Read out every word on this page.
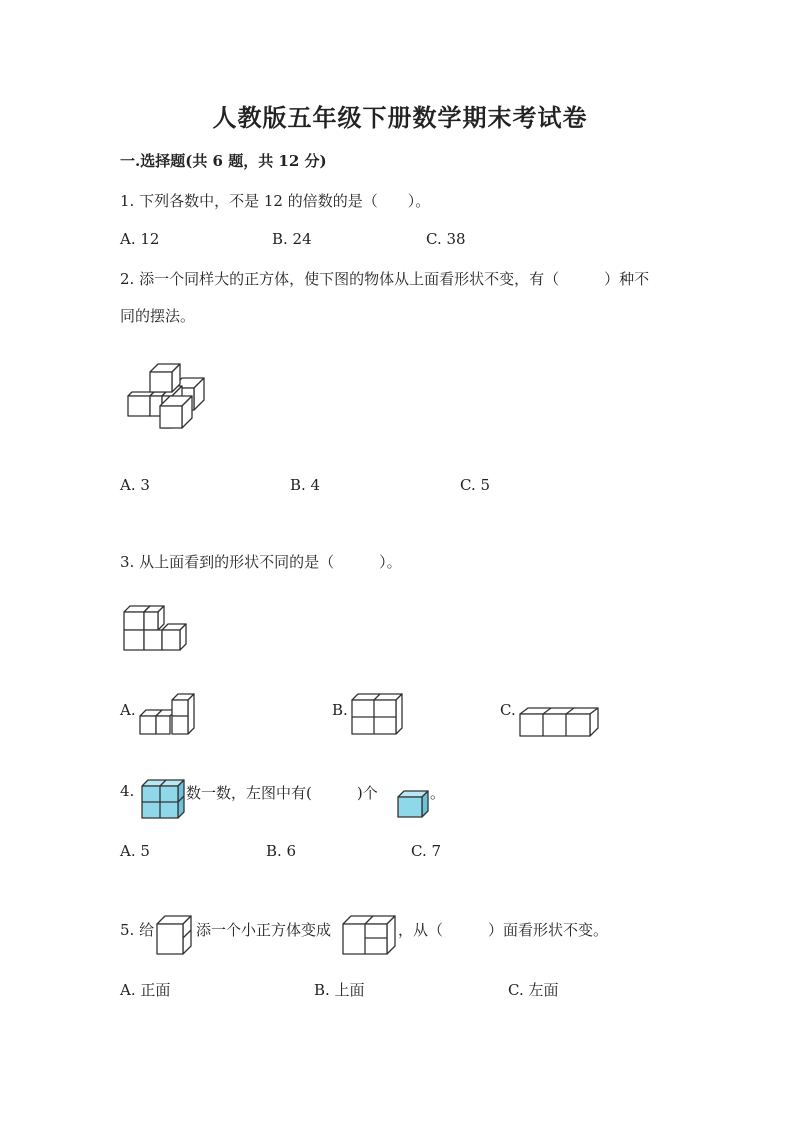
人教版五年级下册数学期末考试卷
一.选择题(共 6 题，共 12 分)
1. 下列各数中，不是 12 的倍数的是（　　）。
A. 12	B. 24	C. 38
2. 添一个同样大的正方体，使下图的物体从上面看形状不变，有（　　　）种不
同的摆法。
A. 3	B. 4	C. 5
3. 从上面看到的形状不同的是（　　　）。
A.	B.	C.
4.	数一数，左图中有(　　　)个	。
A. 5	B. 6	C. 7
5. 给	添一个小正方体变成	，从（　　　）面看形状不变。
A. 正面	B. 上面	C. 左面
